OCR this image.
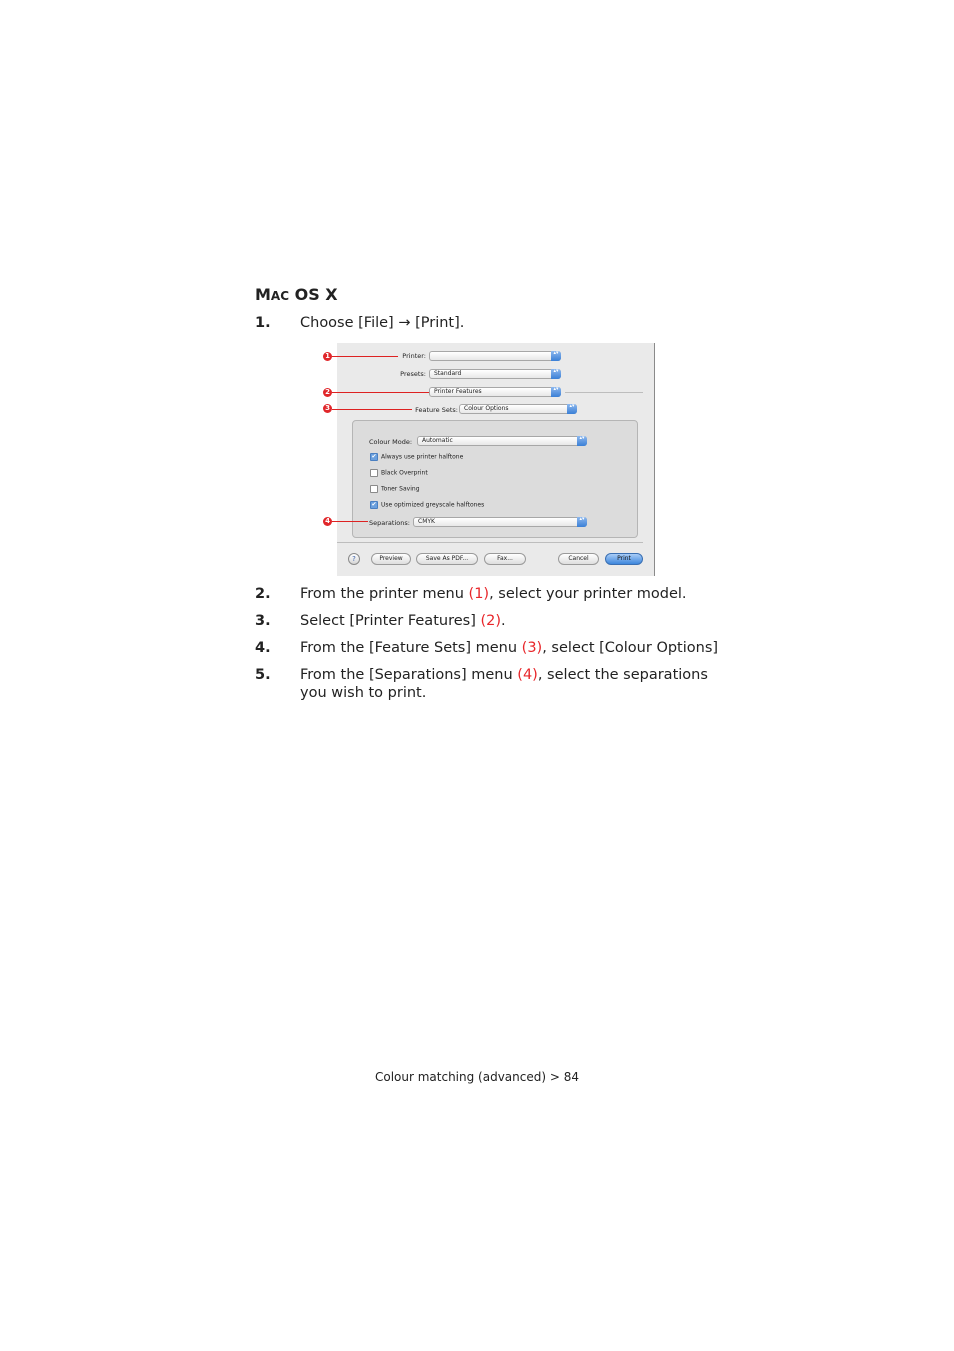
MAC OS X
1.	Choose [File] → [Print].
Printer:	▴▾
Presets:	Standard	▴▾
Printer Features	▴▾
Feature Sets:	Colour Options	▴▾
Colour Mode:	Automatic	▴▾
✔ Always use printer halftone
Black Overprint
Toner Saving
✔ Use optimized greyscale halftones
Separations:	CMYK	▴▾
?	Preview	Save As PDF...	Fax...	Cancel	Print
1
2
3
4
2.	From the printer menu (1), select your printer model.
3.	Select [Printer Features] (2).
4.	From the [Feature Sets] menu (3), select [Colour Options]
5.	From the [Separations] menu (4), select the separations you wish to print.
Colour matching (advanced) > 84
